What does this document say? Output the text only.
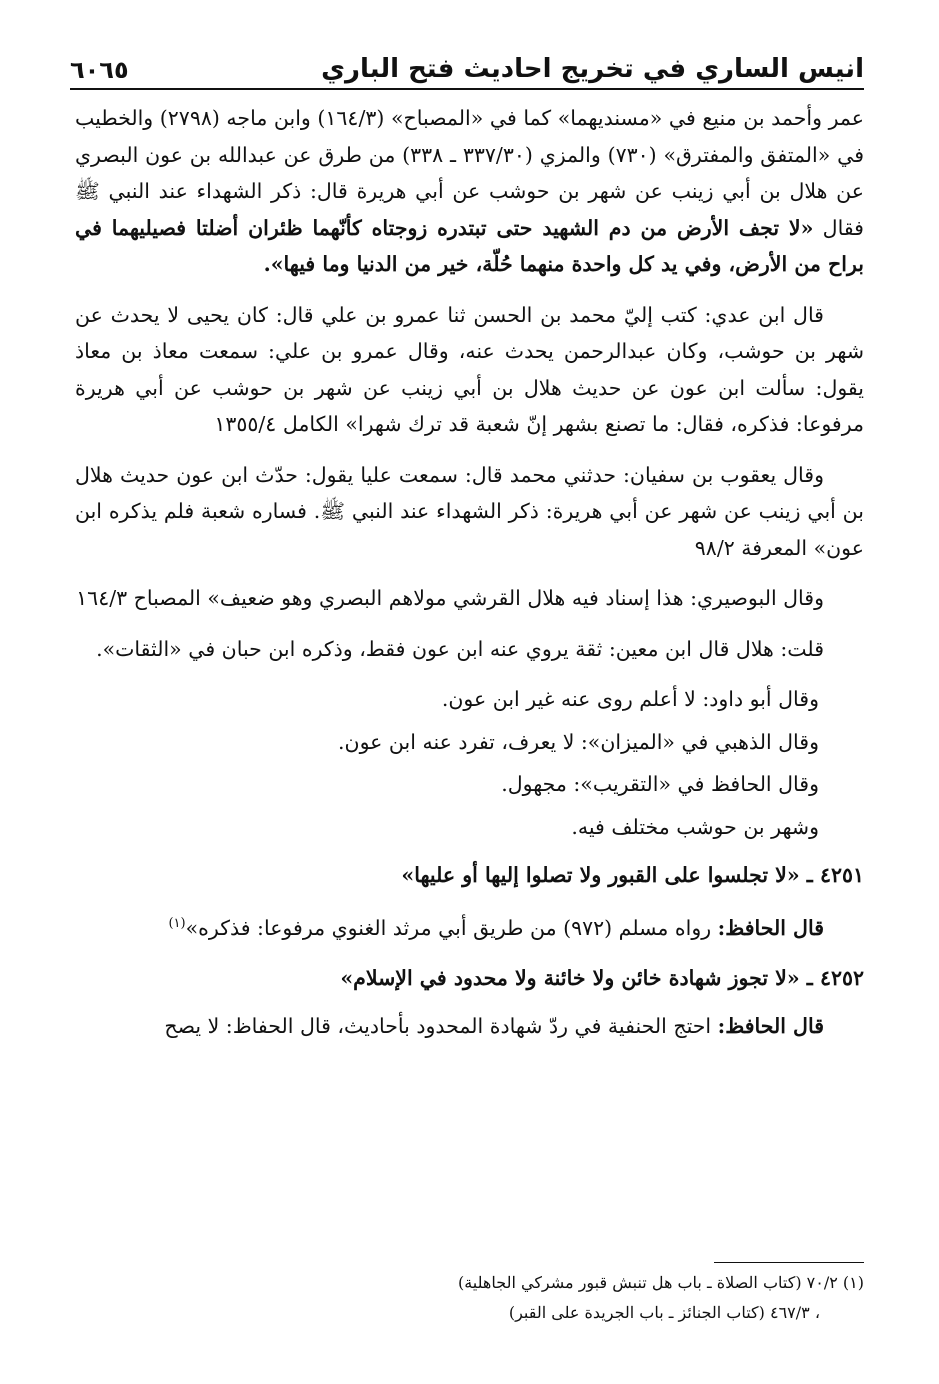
انيس الساري في تخريج احاديث فتح الباري
٦٠٦٥

عمر وأحمد بن منيع في «مسنديهما» كما في «المصباح» (١٦٤/٣) وابن ماجه (٢٧٩٨) والخطيب في «المتفق والمفترق» (٧٣٠) والمزي (٣٣٧/٣٠ ـ ٣٣٨) من طرق عن عبدالله بن عون البصري عن هلال بن أبي زينب عن شهر بن حوشب عن أبي هريرة قال: ذكر الشهداء عند النبي ﷺ فقال «لا تجف الأرض من دم الشهيد حتى تبتدره زوجتاه كأنّهما ظئران أضلتا فصيليهما في براح من الأرض، وفي يد كل واحدة منهما حُلّة، خير من الدنيا وما فيها».

قال ابن عدي: كتب إليّ محمد بن الحسن ثنا عمرو بن علي قال: كان يحيى لا يحدث عن شهر بن حوشب، وكان عبدالرحمن يحدث عنه، وقال عمرو بن علي: سمعت معاذ بن معاذ يقول: سألت ابن عون عن حديث هلال بن أبي زينب عن شهر بن حوشب عن أبي هريرة مرفوعا: فذكره، فقال: ما تصنع بشهر إنّ شعبة قد ترك شهرا» الكامل ١٣٥٥/٤

وقال يعقوب بن سفيان: حدثني محمد قال: سمعت عليا يقول: حدّث ابن عون حديث هلال بن أبي زينب عن شهر عن أبي هريرة: ذكر الشهداء عند النبي ﷺ. فساره شعبة فلم يذكره ابن عون» المعرفة ٩٨/٢

وقال البوصيري: هذا إسناد فيه هلال القرشي مولاهم البصري وهو ضعيف» المصباح ١٦٤/٣

قلت: هلال قال ابن معين: ثقة يروي عنه ابن عون فقط، وذكره ابن حبان في «الثقات».

وقال أبو داود: لا أعلم روى عنه غير ابن عون.

وقال الذهبي في «الميزان»: لا يعرف، تفرد عنه ابن عون.

وقال الحافظ في «التقريب»: مجهول.

وشهر بن حوشب مختلف فيه.

٤٢٥١ ـ «لا تجلسوا على القبور ولا تصلوا إليها أو عليها»

قال الحافظ: رواه مسلم (٩٧٢) من طريق أبي مرثد الغنوي مرفوعا: فذكره»$^{(١)}$

٤٢٥٢ ـ «لا تجوز شهادة خائن ولا خائنة ولا محدود في الإسلام»

قال الحافظ: احتج الحنفية في ردّ شهادة المحدود بأحاديث، قال الحفاظ: لا يصح

(١) ٧٠/٢ (كتاب الصلاة ـ باب هل تنبش قبور مشركي الجاهلية)

، ٤٦٧/٣ (كتاب الجنائز ـ باب الجريدة على القبر)
